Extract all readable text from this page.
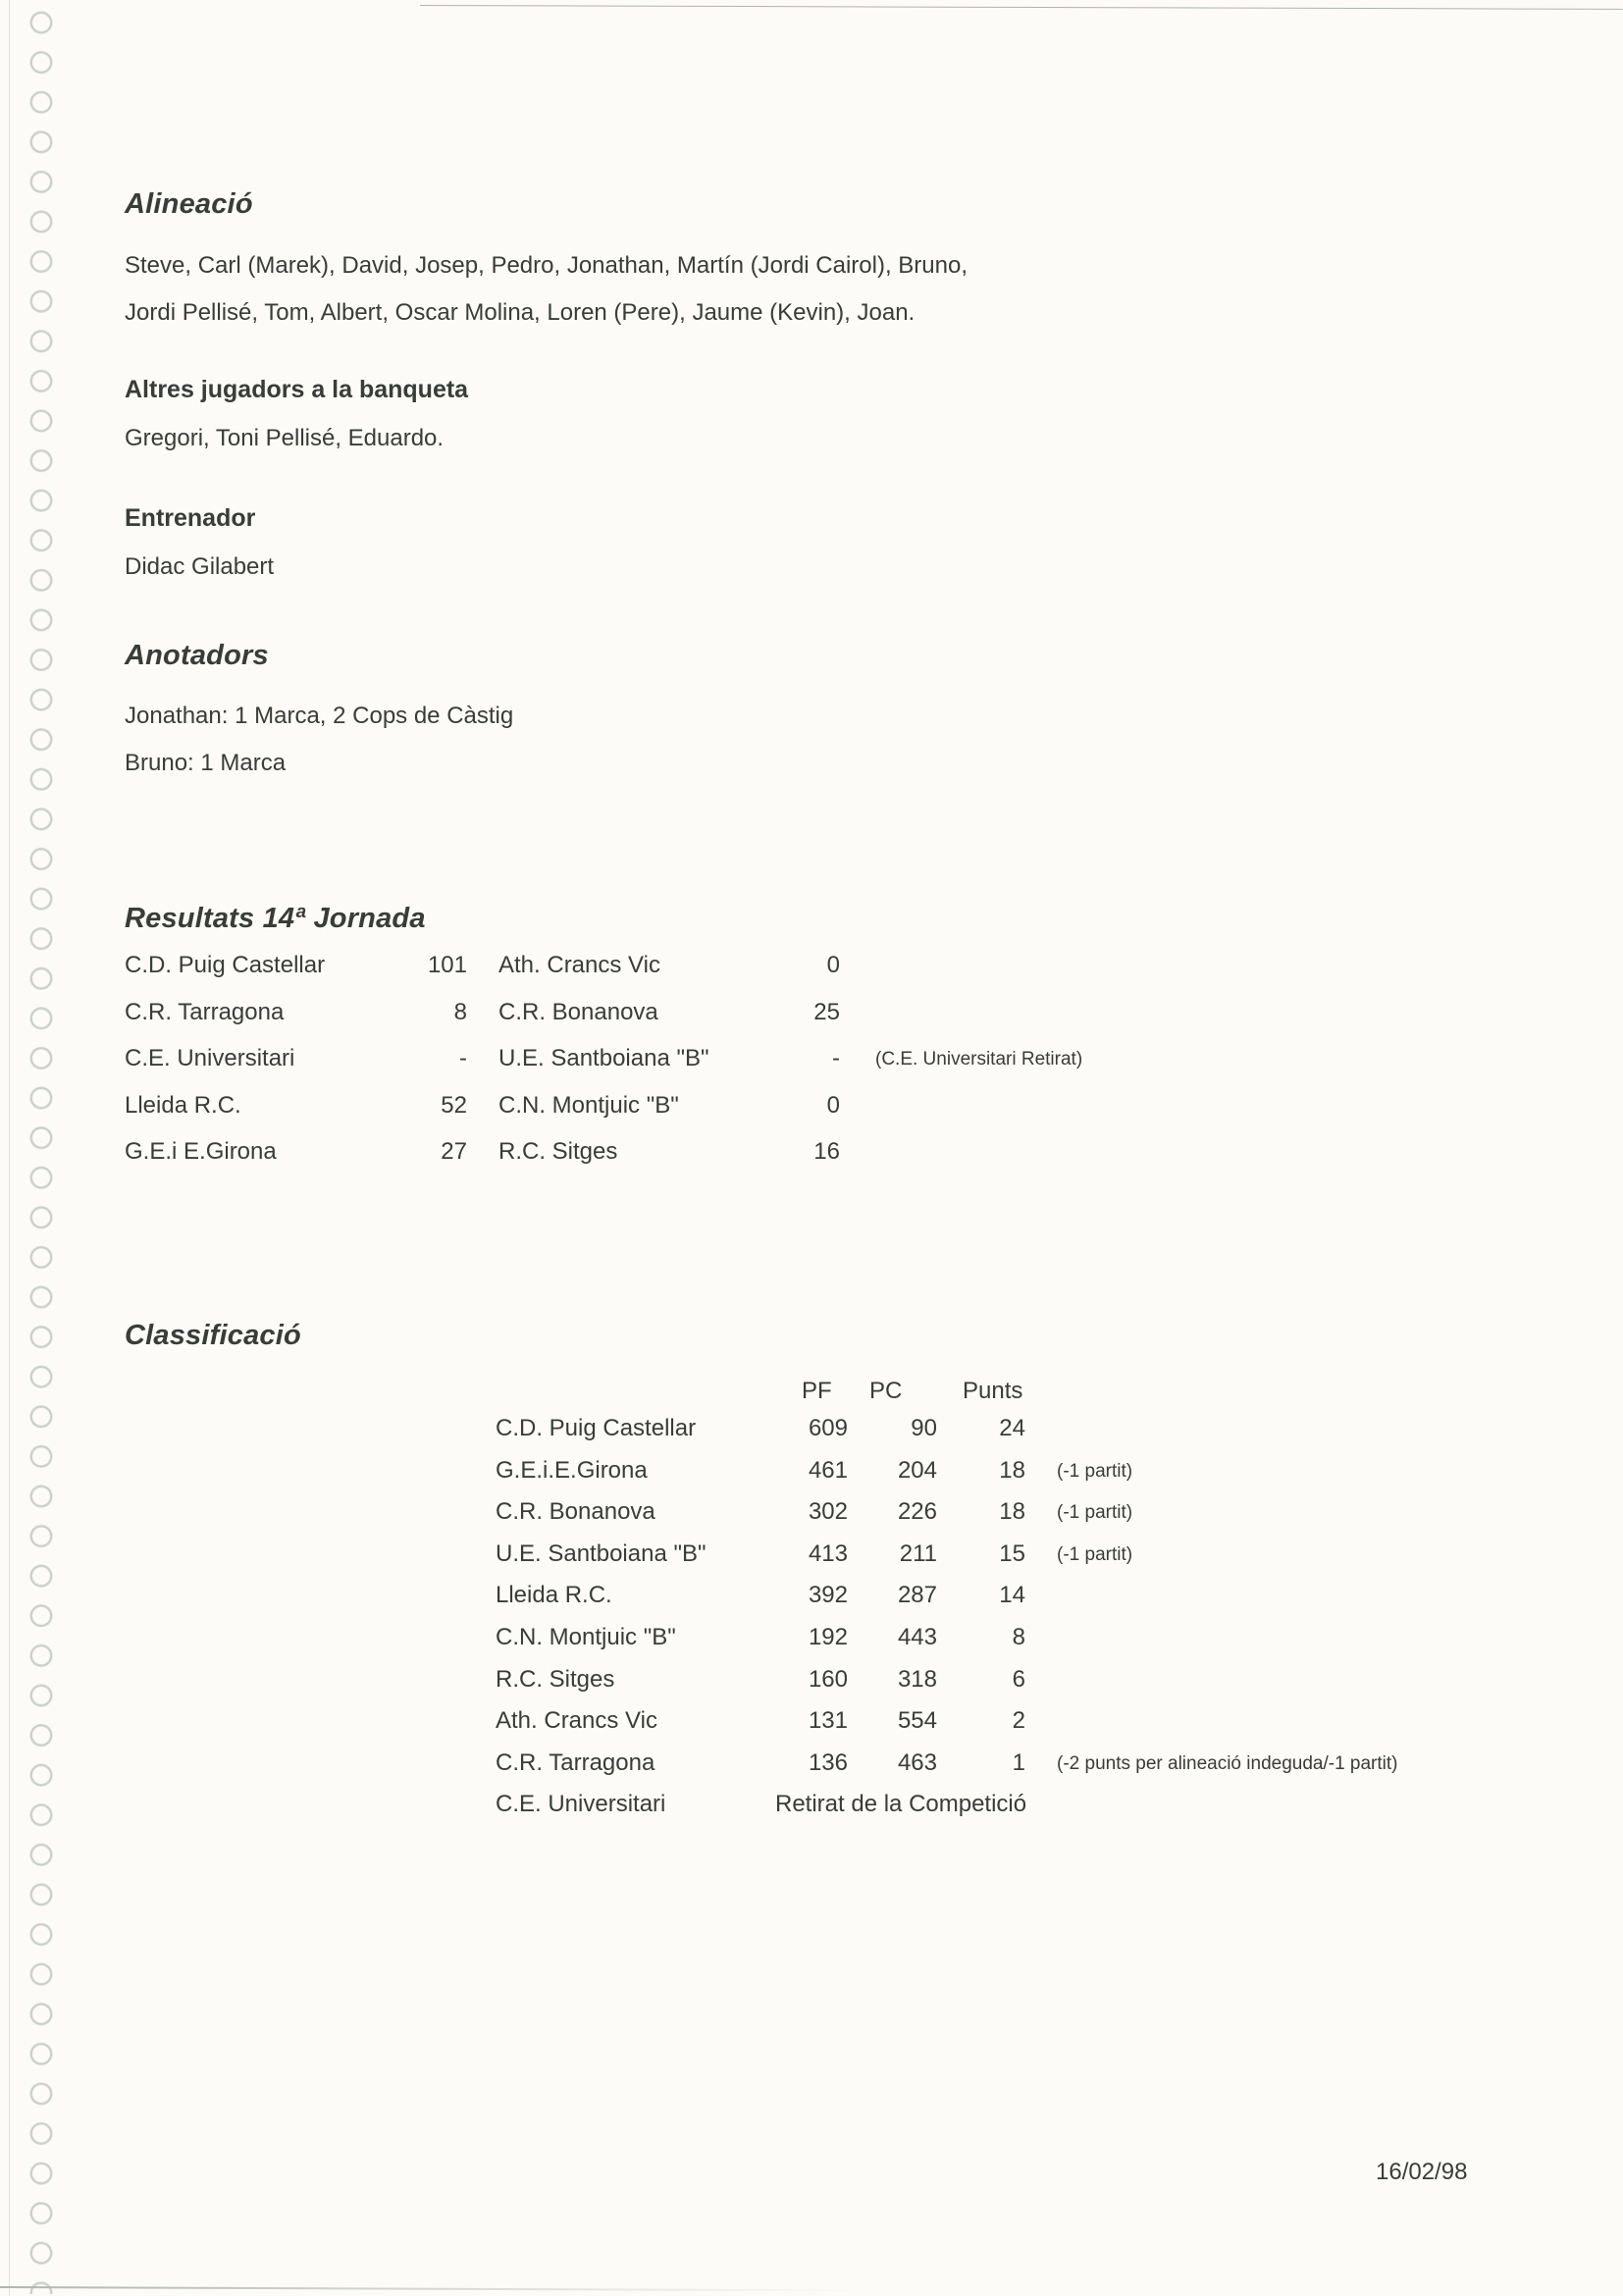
Alineació
Steve, Carl (Marek), David, Josep, Pedro, Jonathan, Martín (Jordi Cairol), Bruno,
Jordi Pellisé, Tom, Albert, Oscar Molina, Loren (Pere), Jaume (Kevin), Joan.
Altres jugadors a la banqueta
Gregori, Toni Pellisé, Eduardo.
Entrenador
Didac Gilabert
Anotadors
Jonathan: 1 Marca, 2 Cops de Càstig
Bruno: 1 Marca
Resultats 14ª Jornada
C.D. Puig Castellar	101 Ath. Crancs Vic	0
C.R. Tarragona	8 C.R. Bonanova	25
C.E. Universitari	- U.E. Santboiana "B"	- (C.E. Universitari Retirat)
Lleida R.C.	52 C.N. Montjuic "B"	0
G.E.i E.Girona	27 R.C. Sitges	16
Classificació
PF PC	Punts
C.D. Puig Castellar	609	90	24
G.E.i.E.Girona	461	204	18 (-1 partit)
C.R. Bonanova	302	226	18 (-1 partit)
U.E. Santboiana "B"	413	211	15 (-1 partit)
Lleida R.C.	392	287	14
C.N. Montjuic "B"	192	443	8
R.C. Sitges	160	318	6
Ath. Crancs Vic	131	554	2
C.R. Tarragona	136	463	1 (-2 punts per alineació indeguda/-1 partit)
C.E. Universitari	Retirat de la Competició
16/02/98
